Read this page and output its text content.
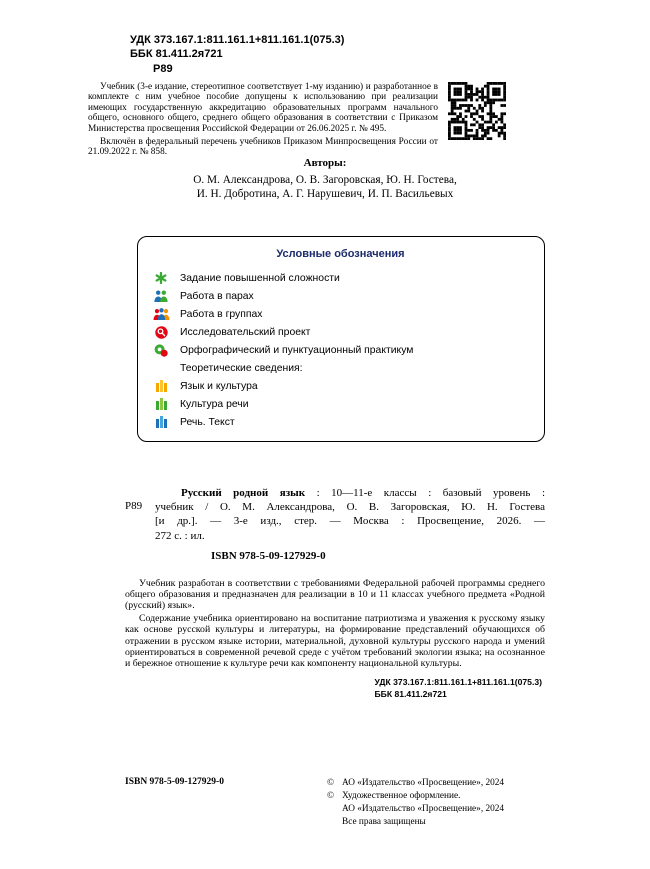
УДК 373.167.1:811.161.1+811.161.1(075.3)
ББК 81.411.2я721
Р89

Учебник (3-е издание, стереотипное соответствует 1-му изданию) и разработанное в комплекте с ним учебное пособие допущены к использованию при реализации имеющих государственную аккредитацию образовательных программ начального общего, основного общего, среднего общего образования в соответствии с Приказом Министерства просвещения Российской Федерации от 26.06.2025 г. № 495.

Включён в федеральный перечень учебников Приказом Минпросвещения России от 21.09.2022 г. № 858.

Авторы:
О. М. Александрова, О. В. Загоровская, Ю. Н. Гостева,
И. Н. Добротина, А. Г. Нарушевич, И. П. Васильевых
Условные обозначения
Задание повышенной сложности
Работа в парах
Работа в группах
Исследовательский проект
Орфографический и пунктуационный практикум
Теоретические сведения:
Язык и культура
Культура речи
Речь. Текст
Р89
Русский родной язык : 10—11-е классы : базовый уровень :
учебник / О. М. Александрова, О. В. Загоровская, Ю. Н. Гостева
[и др.]. — 3-е изд., стер. — Москва : Просвещение, 2026. —
272 с. : ил.
ISBN 978-5-09-127929-0

Учебник разработан в соответствии с требованиями Федеральной рабочей программы среднего общего образования и предназначен для реализации в 10 и 11 классах учебного предмета «Родной (русский) язык».

Содержание учебника ориентировано на воспитание патриотизма и уважения к русскому языку как основе русской культуры и литературы, на формирование представлений обучающихся об отражении в русском языке истории, материальной, духовной культуры русского народа и умений ориентироваться в современной речевой среде с учётом требований экологии языка; на осознанное и бережное отношение к культуре речи как компоненту национальной культуры.

УДК 373.167.1:811.161.1+811.161.1(075.3)
ББК 81.411.2я721
ISBN 978-5-09-127929-0	© АО «Издательство «Просвещение», 2024
© Художественное оформление.
АО «Издательство «Просвещение», 2024
Все права защищены
